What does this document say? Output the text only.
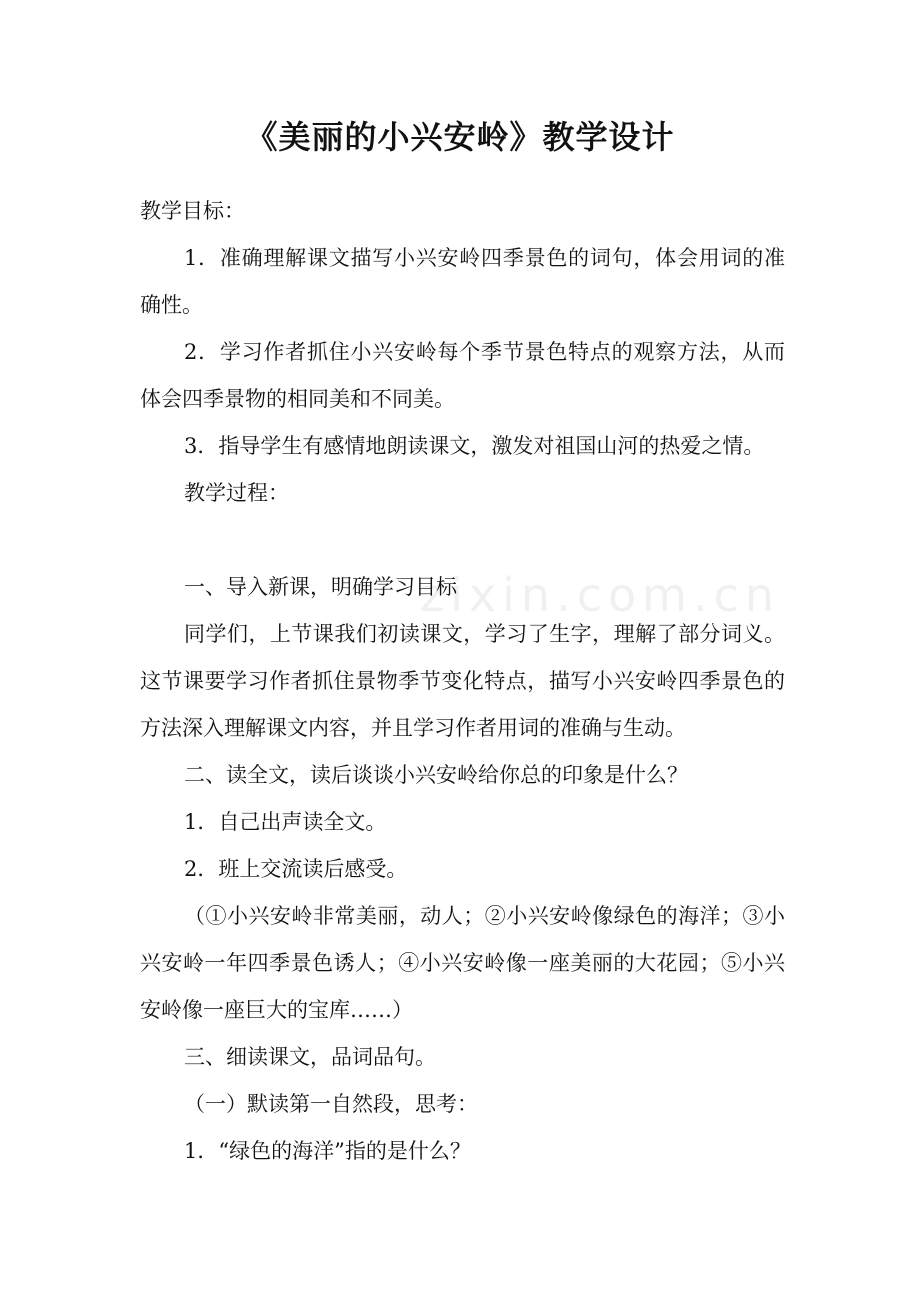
zixin.com.cn
《美丽的小兴安岭》教学设计

教学目标：

1．准确理解课文描写小兴安岭四季景色的词句，体会用词的准确性。

2．学习作者抓住小兴安岭每个季节景色特点的观察方法，从而体会四季景物的相同美和不同美。

3．指导学生有感情地朗读课文，激发对祖国山河的热爱之情。

教学过程：

一、导入新课，明确学习目标

同学们，上节课我们初读课文，学习了生字，理解了部分词义。这节课要学习作者抓住景物季节变化特点，描写小兴安岭四季景色的方法深入理解课文内容，并且学习作者用词的准确与生动。

二、读全文，读后谈谈小兴安岭给你总的印象是什么？

1．自己出声读全文。

2．班上交流读后感受。

（①小兴安岭非常美丽，动人；②小兴安岭像绿色的海洋；③小兴安岭一年四季景色诱人；④小兴安岭像一座美丽的大花园；⑤小兴安岭像一座巨大的宝库……）

三、细读课文，品词品句。

（一）默读第一自然段，思考：

1．“绿色的海洋”指的是什么？
